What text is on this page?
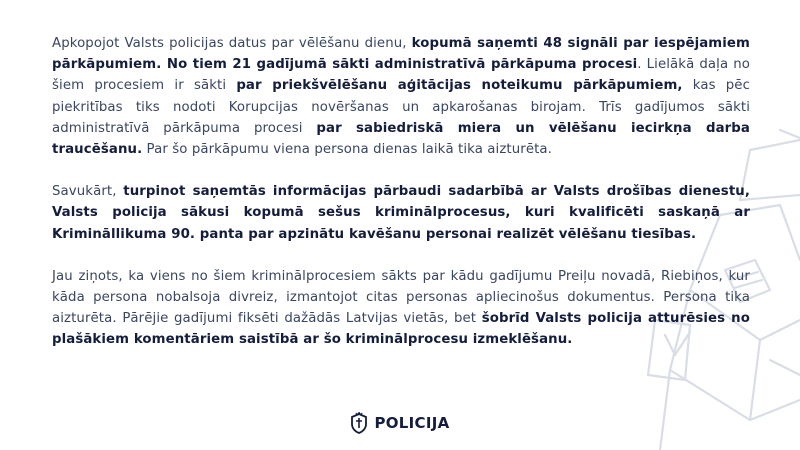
Apkopojot Valsts policijas datus par vēlēšanu dienu, kopumā saņemti 48 signāli par iespējamiem pārkāpumiem. No tiem 21 gadījumā sākti administratīvā pārkāpuma procesi. Lielākā daļa no šiem procesiem ir sākti par priekšvēlēšanu aģitācijas noteikumu pārkāpumiem, kas pēc piekritības tiks nodoti Korupcijas novēršanas un apkarošanas birojam. Trīs gadījumos sākti administratīvā pārkāpuma procesi par sabiedriskā miera un vēlēšanu iecirkņa darba traucēšanu. Par šo pārkāpumu viena persona dienas laikā tika aizturēta.

Savukārt, turpinot saņemtās informācijas pārbaudi sadarbībā ar Valsts drošības dienestu, Valsts policija sākusi kopumā sešus kriminālprocesus, kuri kvalificēti saskaņā ar Krimināllikuma 90. panta par apzinātu kavēšanu personai realizēt vēlēšanu tiesības.

Jau ziņots, ka viens no šiem kriminālprocesiem sākts par kādu gadījumu Preiļu novadā, Riebiņos, kur kāda persona nobalsoja divreiz, izmantojot citas personas apliecinošus dokumentus. Persona tika aizturēta. Pārējie gadījumi fiksēti dažādās Latvijas vietās, bet šobrīd Valsts policija atturēsies no plašākiem komentāriem saistībā ar šo kriminālprocesu izmeklēšanu.

POLICIJA
